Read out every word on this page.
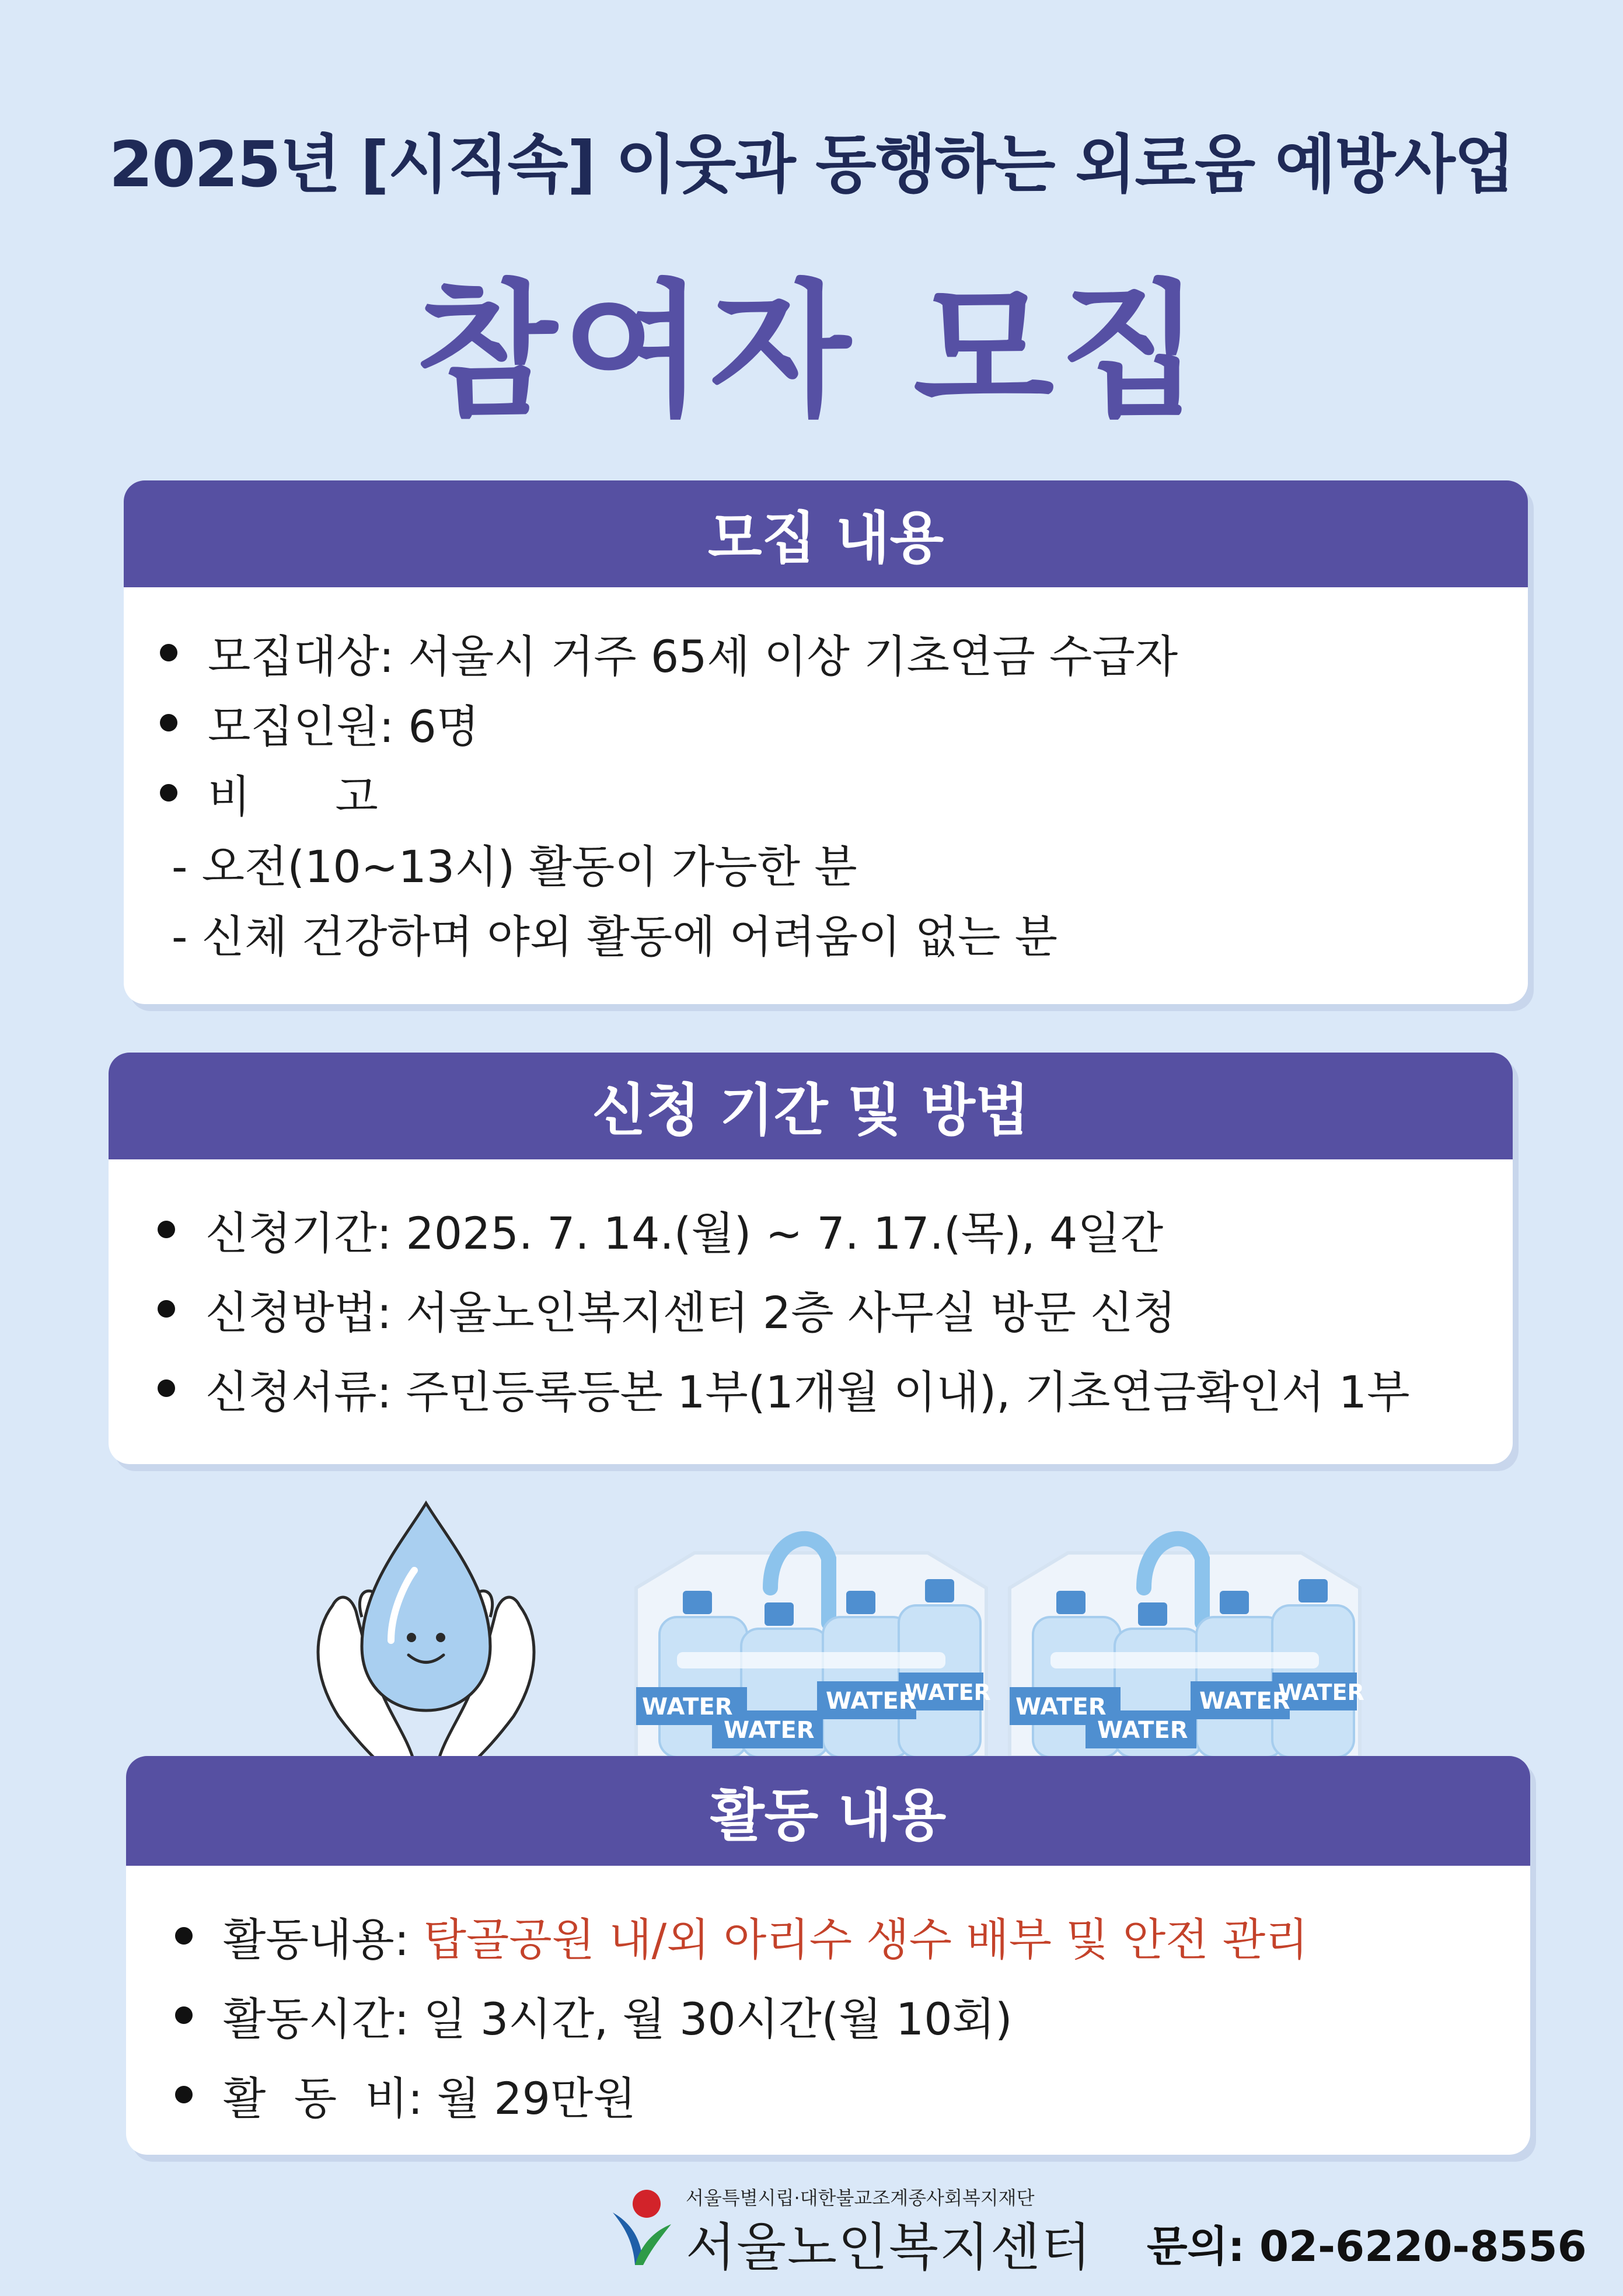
2025년 [시직속] 이웃과 동행하는 외로움 예방사업
참여자 모집
모집 내용
모집대상: 서울시 거주 65세 이상 기초연금 수급자
모집인원: 6명
비      고
- 오전(10~13시) 활동이 가능한 분
- 신체 건강하며 야외 활동에 어려움이 없는 분
신청 기간 및 방법
신청기간: 2025. 7. 14.(월) ~ 7. 17.(목), 4일간
신청방법: 서울노인복지센터 2층 사무실 방문 신청
신청서류: 주민등록등본 1부(1개월 이내), 기초연금확인서 1부
WATER
WATER
WATER
WATER
WATER
WATER
WATER
WATER
활동 내용
활동내용: 탑골공원 내/외 아리수 생수 배부 및 안전 관리
활동시간: 일 3시간, 월 30시간(월 10회)
활  동  비: 월 29만원
서울특별시립·대한불교조계종사회복지재단
서울노인복지센터 문의: 02-6220-8556
